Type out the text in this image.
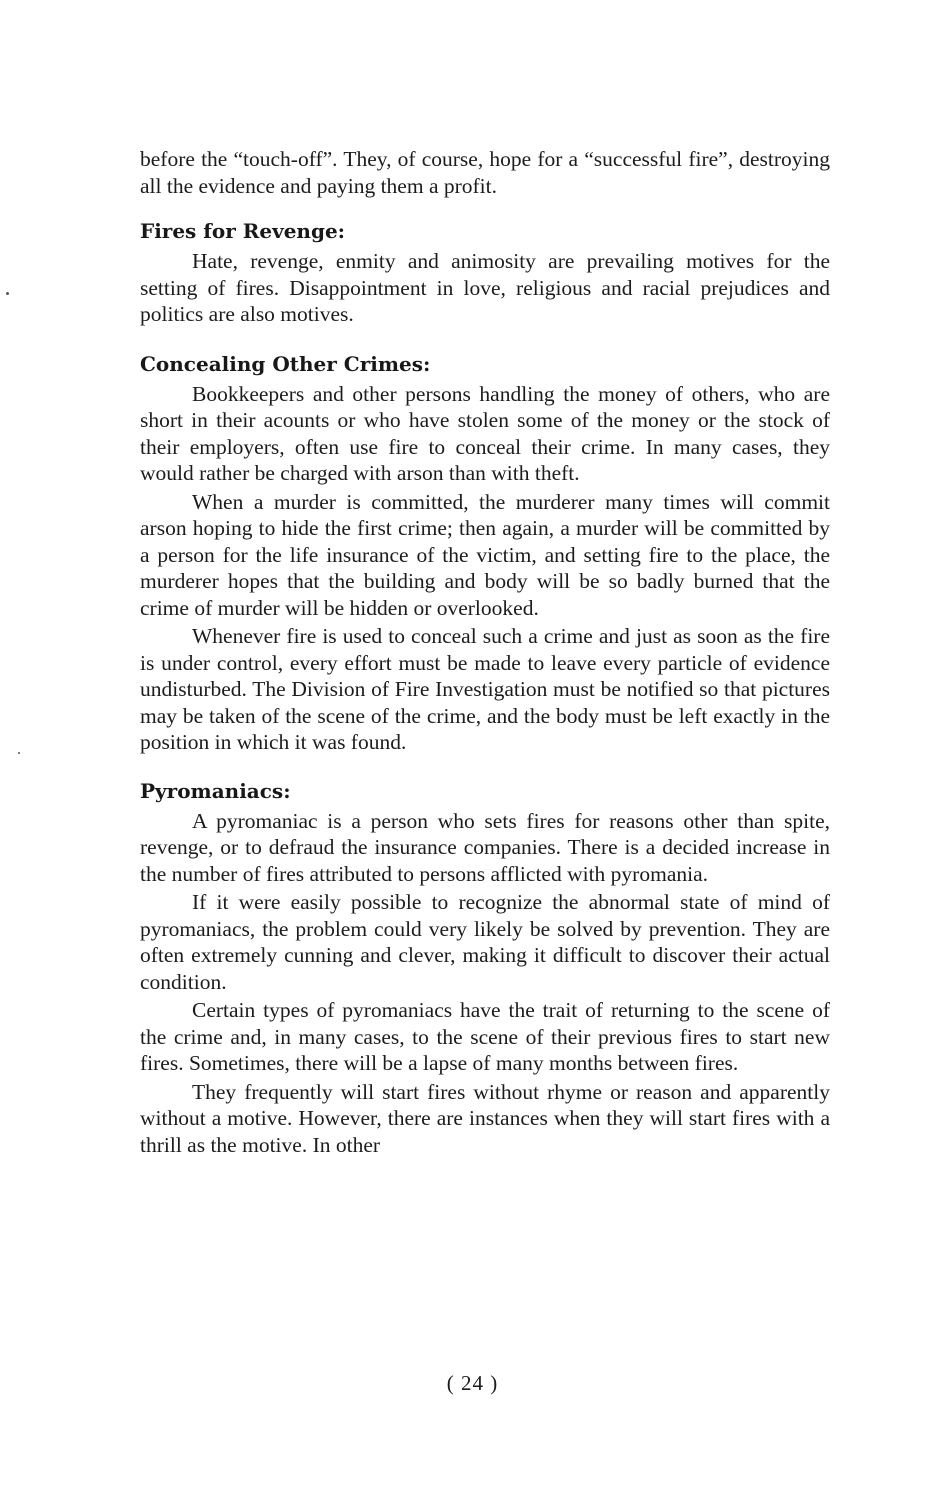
before the “touch-off”. They, of course, hope for a “successful fire”, destroying all the evidence and paying them a profit.

Fires for Revenge:

Hate, revenge, enmity and animosity are prevailing motives for the setting of fires. Disappointment in love, religious and racial prejudices and politics are also motives.

Concealing Other Crimes:

Bookkeepers and other persons handling the money of others, who are short in their acounts or who have stolen some of the money or the stock of their employers, often use fire to conceal their crime. In many cases, they would rather be charged with arson than with theft.

When a murder is committed, the murderer many times will commit arson hoping to hide the first crime; then again, a murder will be committed by a person for the life insurance of the victim, and setting fire to the place, the murderer hopes that the building and body will be so badly burned that the crime of murder will be hidden or overlooked.

Whenever fire is used to conceal such a crime and just as soon as the fire is under control, every effort must be made to leave every particle of evidence undisturbed. The Division of Fire Investigation must be notified so that pictures may be taken of the scene of the crime, and the body must be left exactly in the position in which it was found.

Pyromaniacs:

A pyromaniac is a person who sets fires for reasons other than spite, revenge, or to defraud the insurance companies. There is a decided increase in the number of fires attributed to persons afflicted with pyromania.

If it were easily possible to recognize the abnormal state of mind of pyromaniacs, the problem could very likely be solved by prevention. They are often extremely cunning and clever, making it difficult to discover their actual condition.

Certain types of pyromaniacs have the trait of returning to the scene of the crime and, in many cases, to the scene of their previous fires to start new fires. Sometimes, there will be a lapse of many months between fires.

They frequently will start fires without rhyme or reason and apparently without a motive. However, there are instances when they will start fires with a thrill as the motive. In other

( 24 )
